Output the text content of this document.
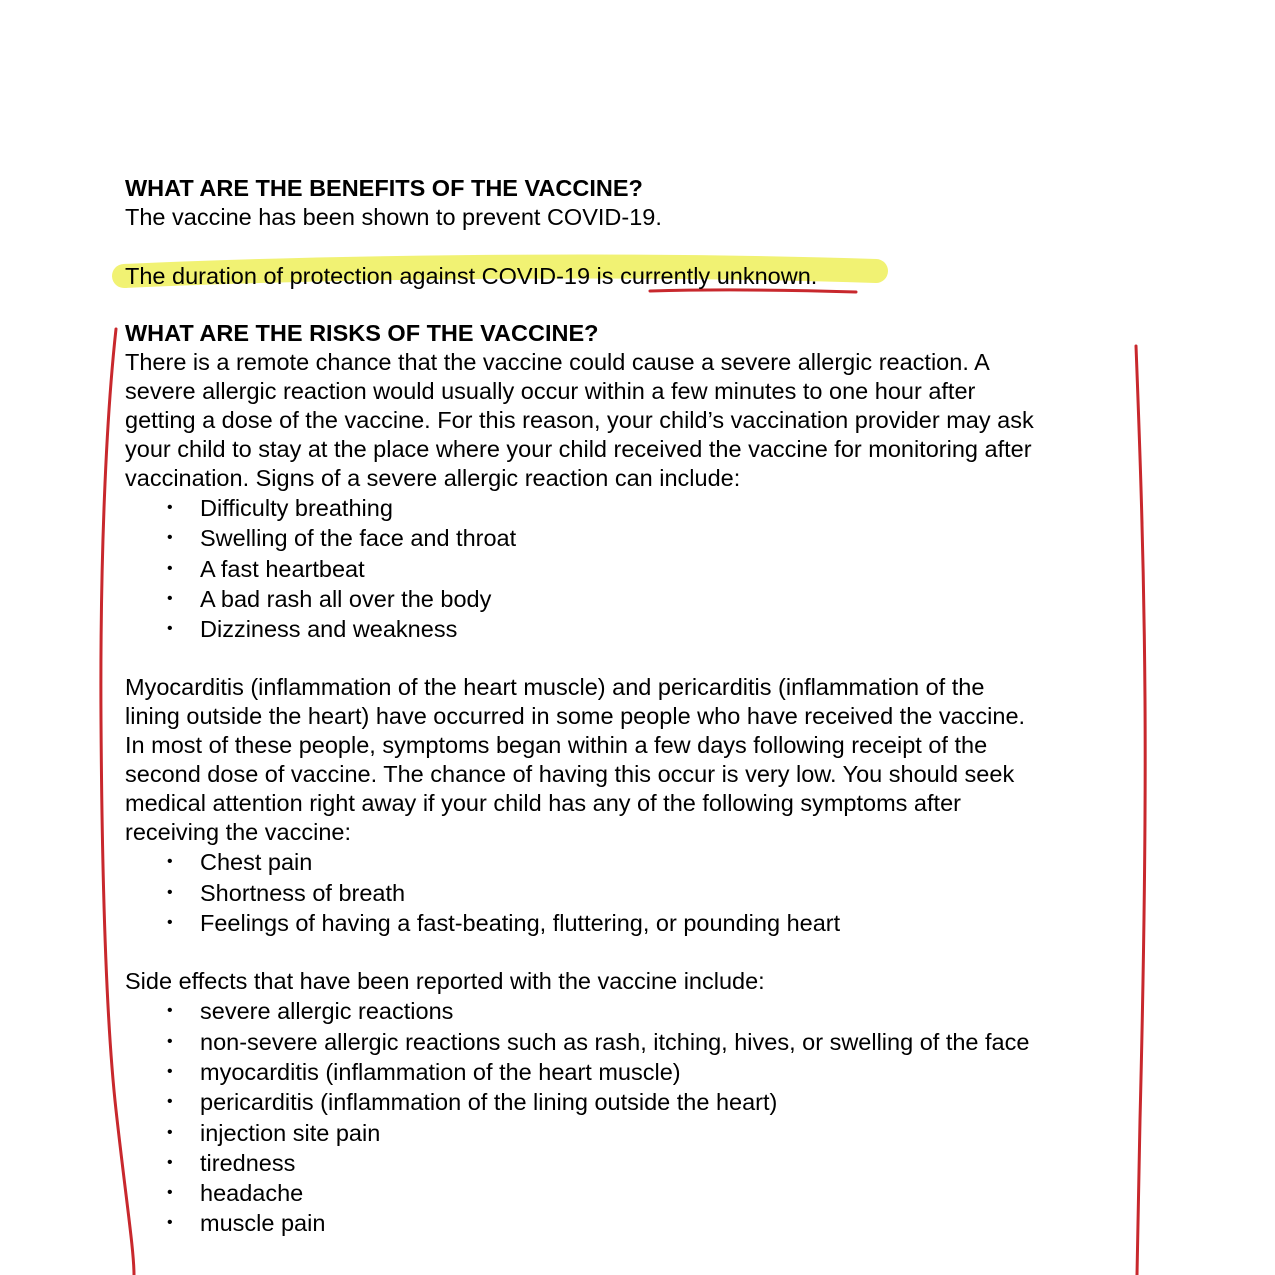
WHAT ARE THE BENEFITS OF THE VACCINE?

The vaccine has been shown to prevent COVID-19.

The duration of protection against COVID-19 is currently unknown.

WHAT ARE THE RISKS OF THE VACCINE?

There is a remote chance that the vaccine could cause a severe allergic reaction. A

severe allergic reaction would usually occur within a few minutes to one hour after

getting a dose of the vaccine. For this reason, your child’s vaccination provider may ask

your child to stay at the place where your child received the vaccine for monitoring after

vaccination. Signs of a severe allergic reaction can include:

• Difficulty breathing
• Swelling of the face and throat
• A fast heartbeat
• A bad rash all over the body
• Dizziness and weakness

Myocarditis (inflammation of the heart muscle) and pericarditis (inflammation of the

lining outside the heart) have occurred in some people who have received the vaccine.

In most of these people, symptoms began within a few days following receipt of the

second dose of vaccine. The chance of having this occur is very low. You should seek

medical attention right away if your child has any of the following symptoms after

receiving the vaccine:

• Chest pain
• Shortness of breath
• Feelings of having a fast-beating, fluttering, or pounding heart

Side effects that have been reported with the vaccine include:

• severe allergic reactions
• non-severe allergic reactions such as rash, itching, hives, or swelling of the face
• myocarditis (inflammation of the heart muscle)
• pericarditis (inflammation of the lining outside the heart)
• injection site pain
• tiredness
• headache
• muscle pain
